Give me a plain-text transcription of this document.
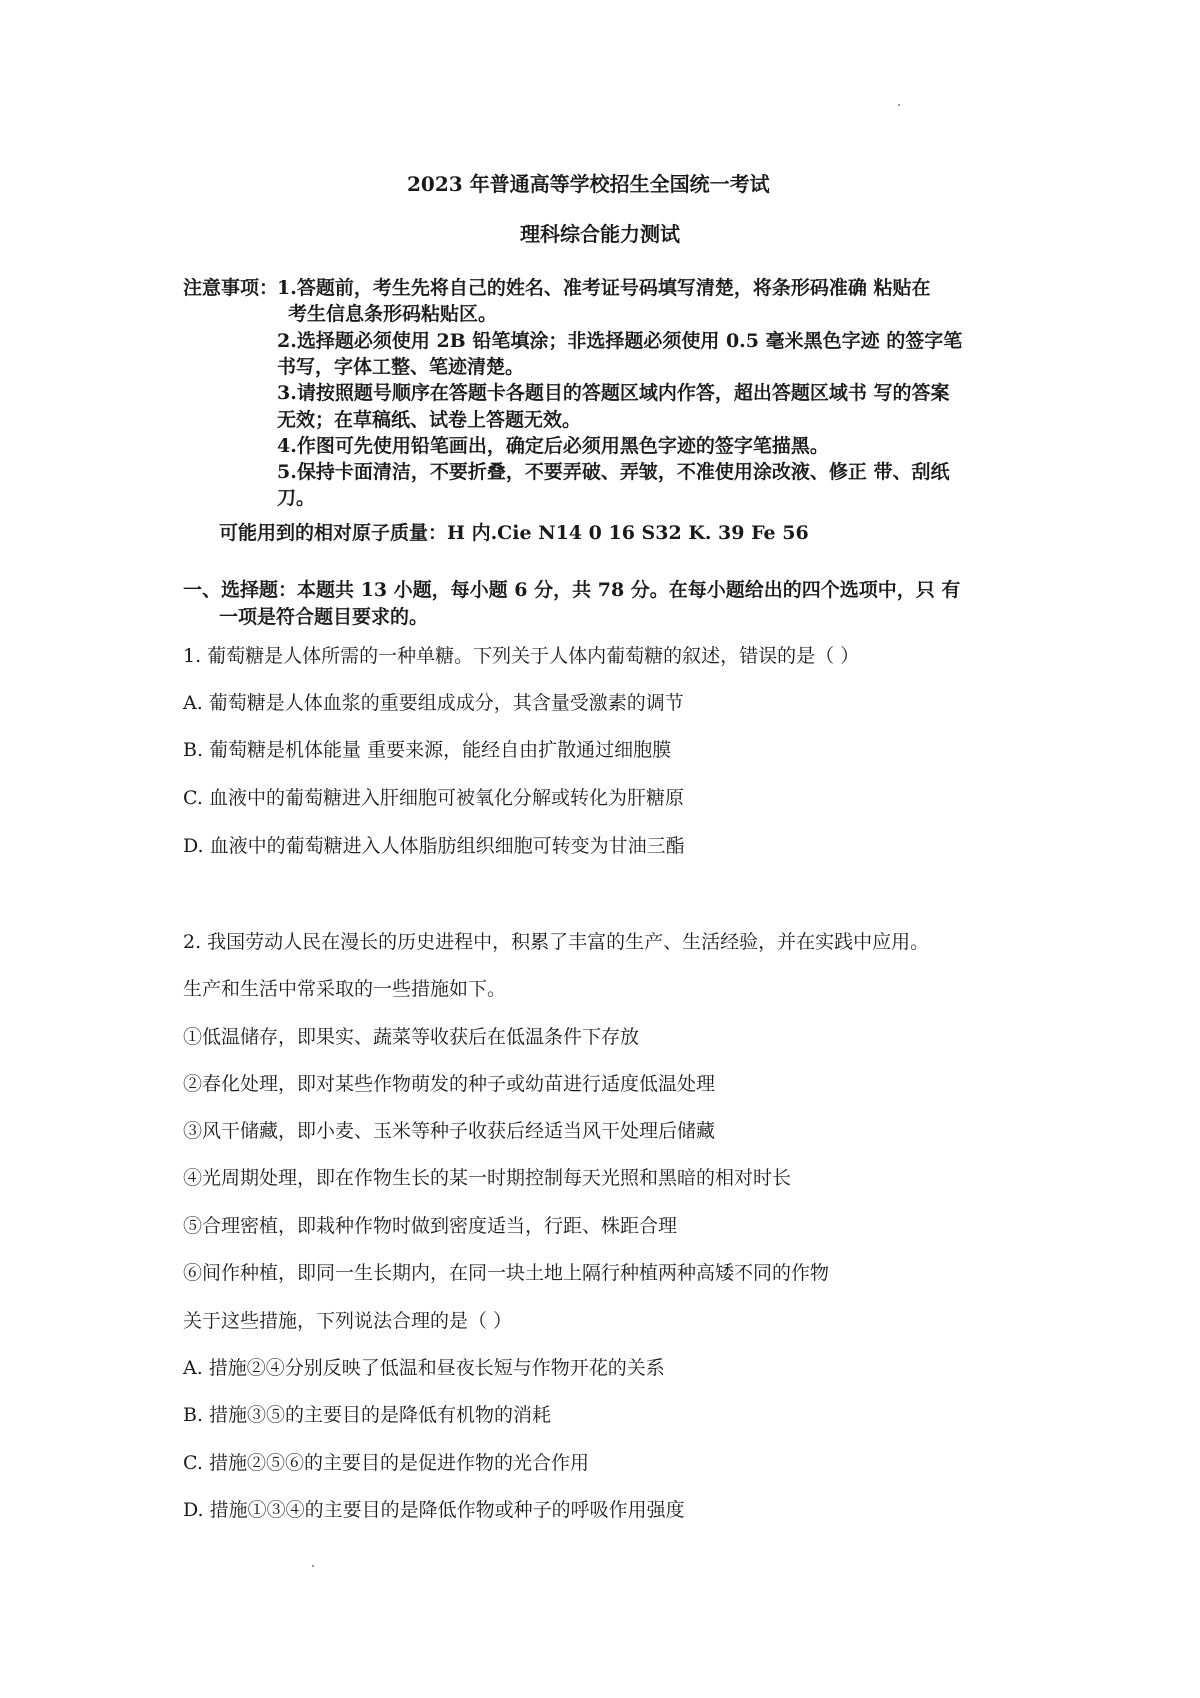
2023 年普通高等学校招生全国统一考试
理科综合能力测试
注意事项：
1.答题前，考生先将自己的姓名、准考证号码填写清楚，将条形码准确 粘贴在
考生信息条形码粘贴区。
2.选择题必须使用 2B 铅笔填涂；非选择题必须使用 0.5 毫米黑色字迹 的签字笔
书写，字体工整、笔迹清楚。
3.请按照题号顺序在答题卡各题目的答题区域内作答，超出答题区域书 写的答案
无效；在草稿纸、试卷上答题无效。
4.作图可先使用铅笔画出，确定后必须用黑色字迹的签字笔描黑。
5.保持卡面清洁，不要折叠，不要弄破、弄皱，不准使用涂改液、修正 带、刮纸
刀。
可能用到的相对原子质量：H 内.Cie N14 0 16 S32 K. 39 Fe 56
一、选择题：本题共 13 小题，每小题 6 分，共 78 分。在每小题给出的四个选项中，只 有
一项是符合题目要求的。
1. 葡萄糖是人体所需的一种单糖。下列关于人体内葡萄糖的叙述，错误的是（ ）
A. 葡萄糖是人体血浆的重要组成成分，其含量受激素的调节
B. 葡萄糖是机体能量 重要来源，能经自由扩散通过细胞膜
C. 血液中的葡萄糖进入肝细胞可被氧化分解或转化为肝糖原
D. 血液中的葡萄糖进入人体脂肪组织细胞可转变为甘油三酯
2. 我国劳动人民在漫长的历史进程中，积累了丰富的生产、生活经验，并在实践中应用。
生产和生活中常采取的一些措施如下。
①低温储存，即果实、蔬菜等收获后在低温条件下存放
②春化处理，即对某些作物萌发的种子或幼苗进行适度低温处理
③风干储藏，即小麦、玉米等种子收获后经适当风干处理后储藏
④光周期处理，即在作物生长的某一时期控制每天光照和黑暗的相对时长
⑤合理密植，即栽种作物时做到密度适当，行距、株距合理
⑥间作种植，即同一生长期内，在同一块土地上隔行种植两种高矮不同的作物
关于这些措施，下列说法合理的是（ ）
A. 措施②④分别反映了低温和昼夜长短与作物开花的关系
B. 措施③⑤的主要目的是降低有机物的消耗
C. 措施②⑤⑥的主要目的是促进作物的光合作用
D. 措施①③④的主要目的是降低作物或种子的呼吸作用强度
